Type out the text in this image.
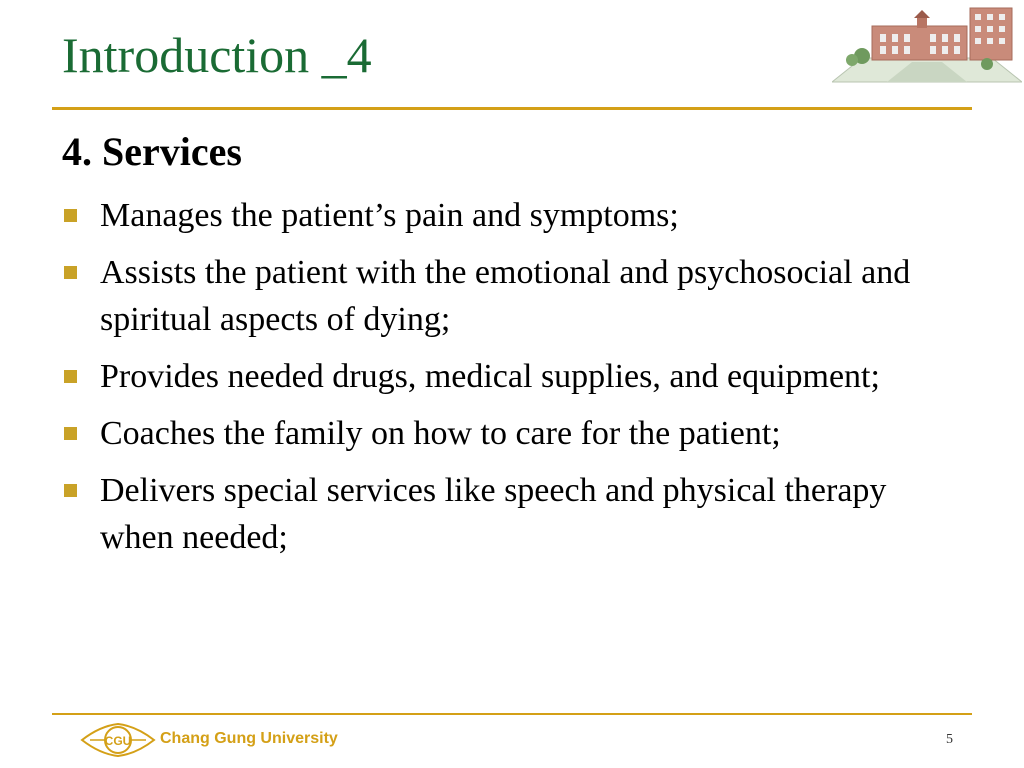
Introduction _4
4. Services
Manages the patient’s pain and symptoms;
Assists the patient with the emotional and psychosocial and spiritual aspects of dying;
Provides needed drugs, medical supplies, and equipment;
Coaches the family on how to care for the patient;
Delivers special services like speech and physical therapy when needed;
CGU Chang Gung University	5
